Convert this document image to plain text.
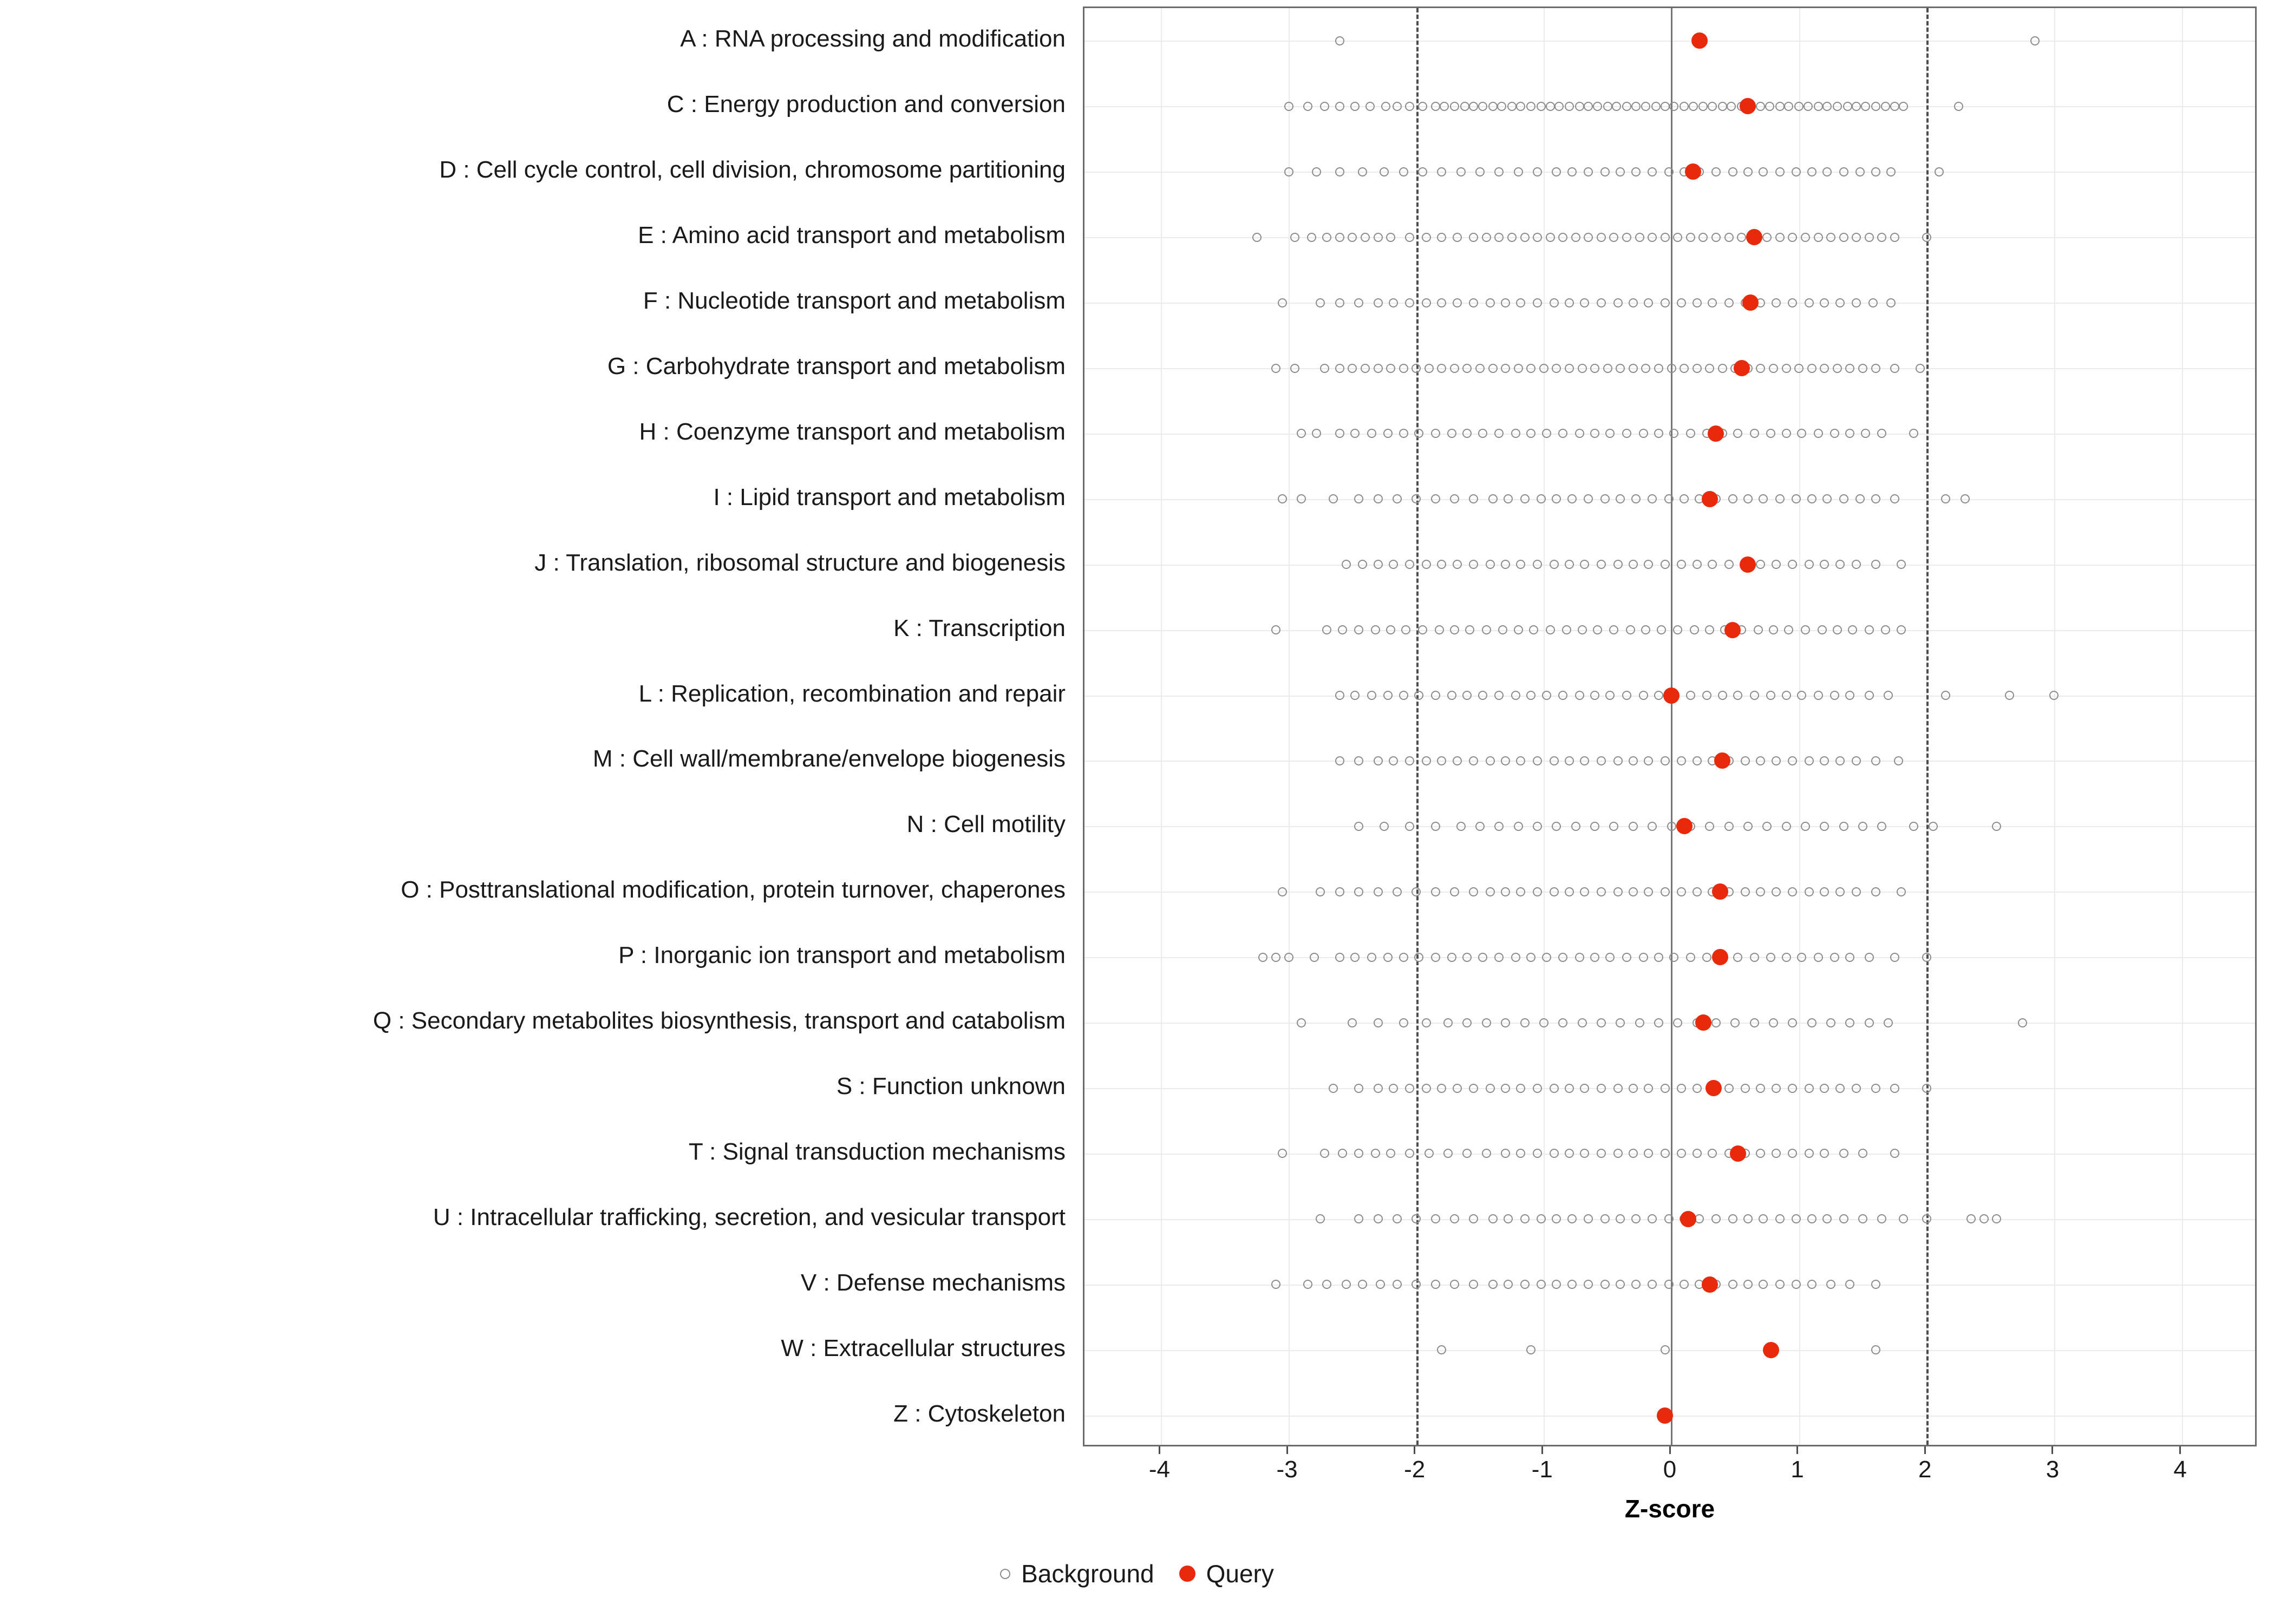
A : RNA processing and modification
C : Energy production and conversion
D : Cell cycle control, cell division, chromosome partitioning
E : Amino acid transport and metabolism
F : Nucleotide transport and metabolism
G : Carbohydrate transport and metabolism
H : Coenzyme transport and metabolism
I : Lipid transport and metabolism
J : Translation, ribosomal structure and biogenesis
K : Transcription
L : Replication, recombination and repair
M : Cell wall/membrane/envelope biogenesis
N : Cell motility
O : Posttranslational modification, protein turnover, chaperones
P : Inorganic ion transport and metabolism
Q : Secondary metabolites biosynthesis, transport and catabolism
S : Function unknown
T : Signal transduction mechanisms
U : Intracellular trafficking, secretion, and vesicular transport
V : Defense mechanisms
W : Extracellular structures
Z : Cytoskeleton
-4	-3	-2	-1	0	1	2	3	4
Z-score
Background Query
